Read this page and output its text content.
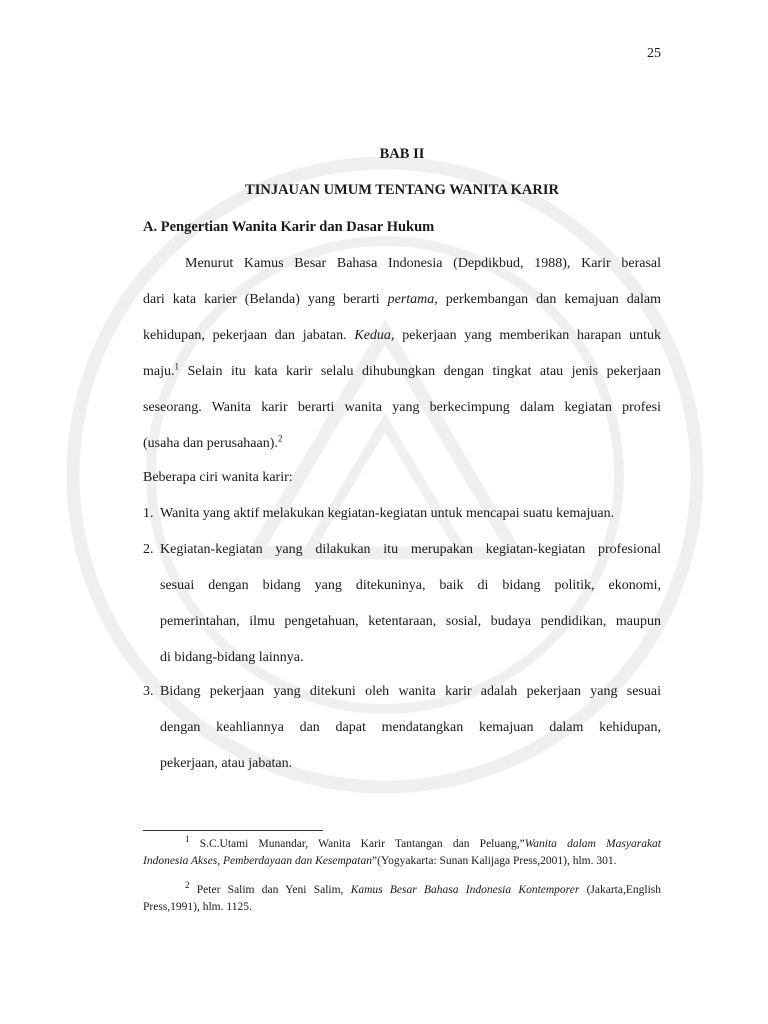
25
BAB II
TINJAUAN UMUM TENTANG WANITA KARIR
A. Pengertian Wanita Karir dan Dasar Hukum
Menurut Kamus Besar Bahasa Indonesia (Depdikbud, 1988), Karir berasal
dari kata karier (Belanda) yang berarti pertama, perkembangan dan kemajuan dalam
kehidupan, pekerjaan dan jabatan. Kedua, pekerjaan yang memberikan harapan untuk
maju.$^1$ Selain itu kata karir selalu dihubungkan dengan tingkat atau jenis pekerjaan
seseorang. Wanita karir berarti wanita yang berkecimpung dalam kegiatan profesi
(usaha dan perusahaan).$^2$
Beberapa ciri wanita karir:
1. Wanita yang aktif melakukan kegiatan-kegiatan untuk mencapai suatu kemajuan.
2. Kegiatan-kegiatan yang dilakukan itu merupakan kegiatan-kegiatan profesional
sesuai dengan bidang yang ditekuninya, baik di bidang politik, ekonomi,
pemerintahan, ilmu pengetahuan, ketentaraan, sosial, budaya pendidikan, maupun
di bidang-bidang lainnya.
3. Bidang pekerjaan yang ditekuni oleh wanita karir adalah pekerjaan yang sesuai
dengan keahliannya dan dapat mendatangkan kemajuan dalam kehidupan,
pekerjaan, atau jabatan.
$^1$ S.C.Utami Munandar, Wanita Karir Tantangan dan Peluang,”Wanita dalam Masyarakat
Indonesia Akses, Pemberdayaan dan Kesempatan”(Yogyakarta: Sunan Kalijaga Press,2001), hlm. 301.
$^2$ Peter Salim dan Yeni Salim, Kamus Besar Bahasa Indonesia Kontemporer (Jakarta,English
Press,1991), hlm. 1125.
